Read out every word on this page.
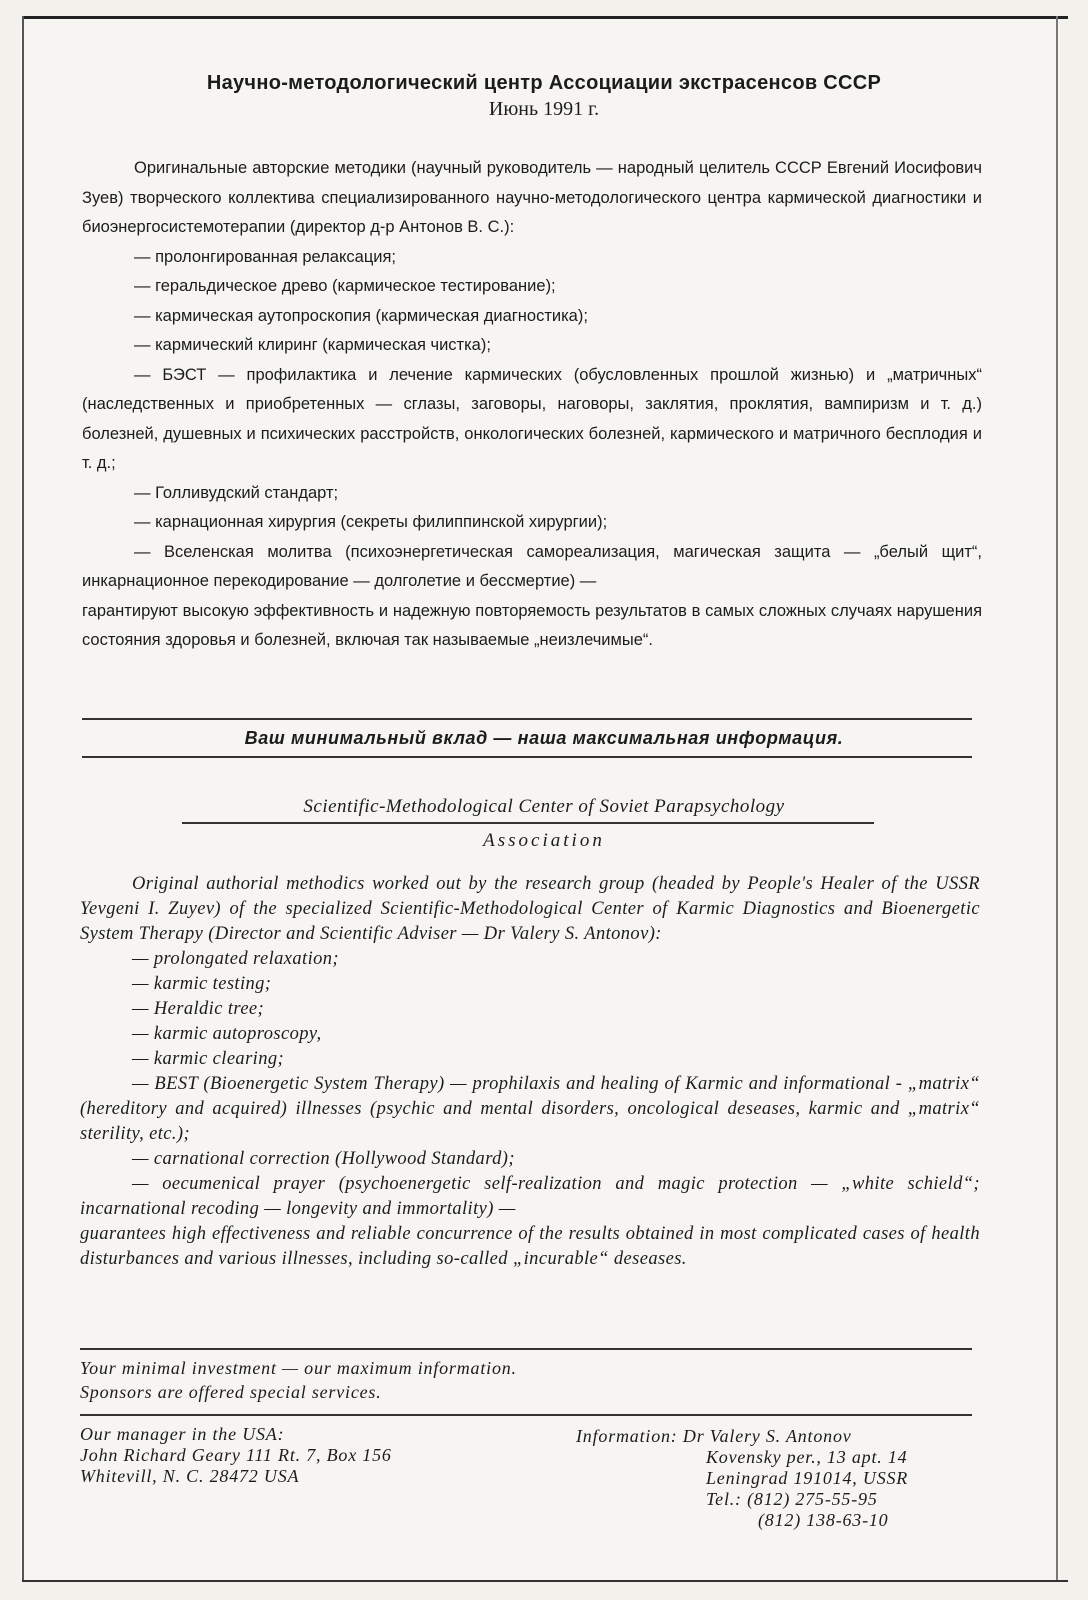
Научно-методологический центр Ассоциации экстрасенсов СССР
Июнь 1991 г.

Оригинальные авторские методики (научный руководитель — народный целитель СССР Евгений Иосифович Зуев) творческого коллектива специализированного научно-методологического центра кармической диагностики и биоэнергосистемотерапии (директор д-р Антонов В. С.):

— пролонгированная релаксация;

— геральдическое древо (кармическое тестирование);

— кармическая аутопроскопия (кармическая диагностика);

— кармический клиринг (кармическая чистка);

— БЭСТ — профилактика и лечение кармических (обусловленных прошлой жизнью) и „матричных“ (наследственных и приобретенных — сглазы, заговоры, наговоры, заклятия, проклятия, вампиризм и т. д.) болезней, душевных и психических расстройств, онкологических болезней, кармического и матричного бесплодия и т. д.;

— Голливудский стандарт;

— карнационная хирургия (секреты филиппинской хирургии);

— Вселенская молитва (психоэнергетическая самореализация, магическая защита — „белый щит“, инкарнационное перекодирование — долголетие и бессмертие) —

гарантируют высокую эффективность и надежную повторяемость результатов в самых сложных случаях нарушения состояния здоровья и болезней, включая так называемые „неизлечимые“.

Ваш минимальный вклад — наша максимальная информация.
Scientific-Methodological Center of Soviet Parapsychology
Association

Original authorial methodics worked out by the research group (headed by People's Healer of the USSR Yevgeni I. Zuyev) of the specialized Scientific-Methodological Center of Karmic Diagnostics and Bioenergetic System Therapy (Director and Scientific Adviser — Dr Valery S. Antonov):

— prolongated relaxation;

— karmic testing;

— Heraldic tree;

— karmic autoproscopy,

— karmic clearing;

— BEST (Bioenergetic System Therapy) — prophilaxis and healing of Karmic and informational - „matrix“ (hereditory and acquired) illnesses (psychic and mental disorders, oncological deseases, karmic and „matrix“ sterility, etc.);

— carnational correction (Hollywood Standard);

— oecumenical prayer (psychoenergetic self-realization and magic protection — „white schield“; incarnational recoding — longevity and immortality) —

guarantees high effectiveness and reliable concurrence of the results obtained in most complicated cases of health disturbances and various illnesses, including so-called „incurable“ deseases.

Your minimal investment — our maximum information.

Sponsors are offered special services.

Our manager in the USA:

John Richard Geary 111 Rt. 7, Box 156

Whitevill, N. C. 28472 USA

Information: Dr Valery S. Antonov

Kovensky per., 13 apt. 14

Leningrad 191014, USSR

Tel.: (812) 275-55-95

(812) 138-63-10
